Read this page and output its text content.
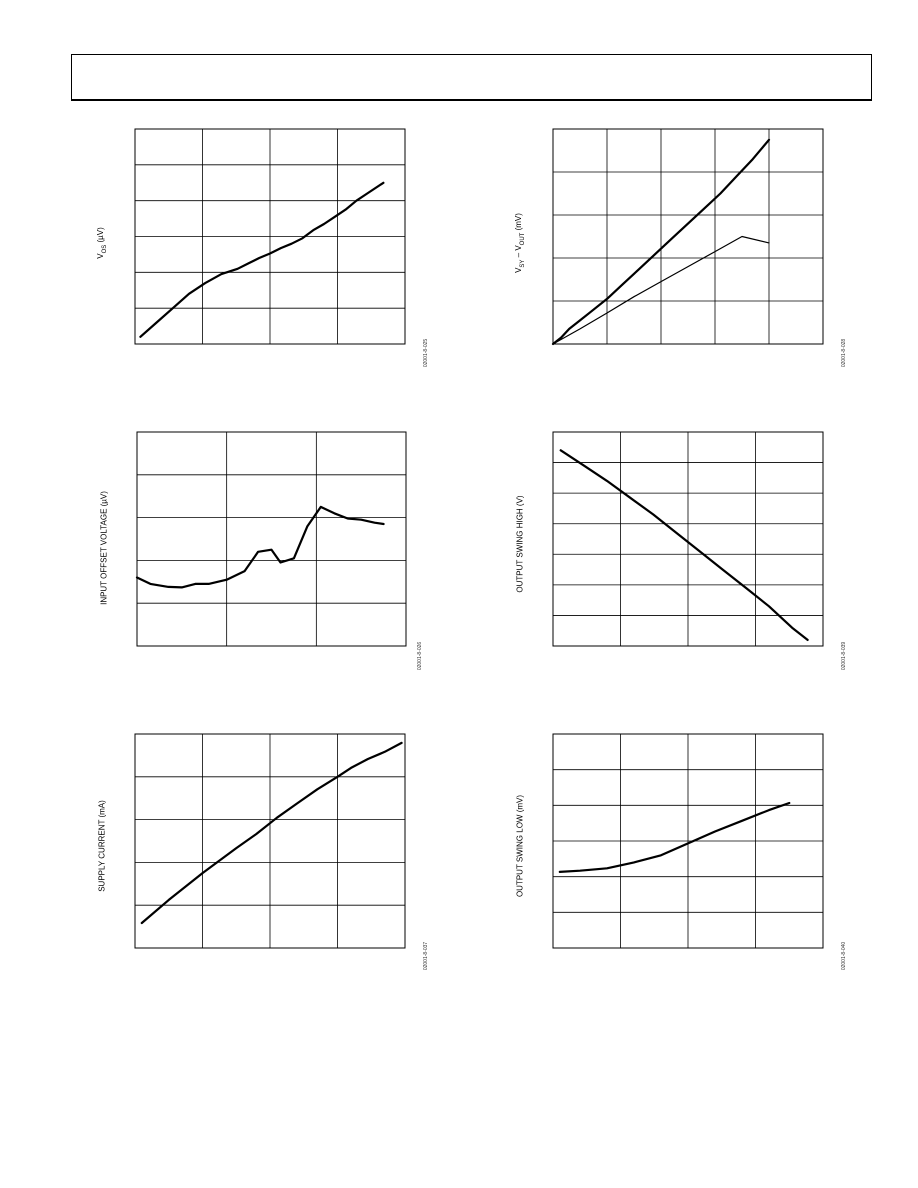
$V_{OS}$ (µV)
02001-8-025
$V_{SY} - V_{OUT}$ (mV)
02001-8-028
INPUT OFFSET VOLTAGE (µV)
02001-8-026
OUTPUT SWING HIGH (V)
02001-8-039
SUPPLY CURRENT (mA)
02001-8-037
OUTPUT SWING LOW (mV)
02001-8-040
